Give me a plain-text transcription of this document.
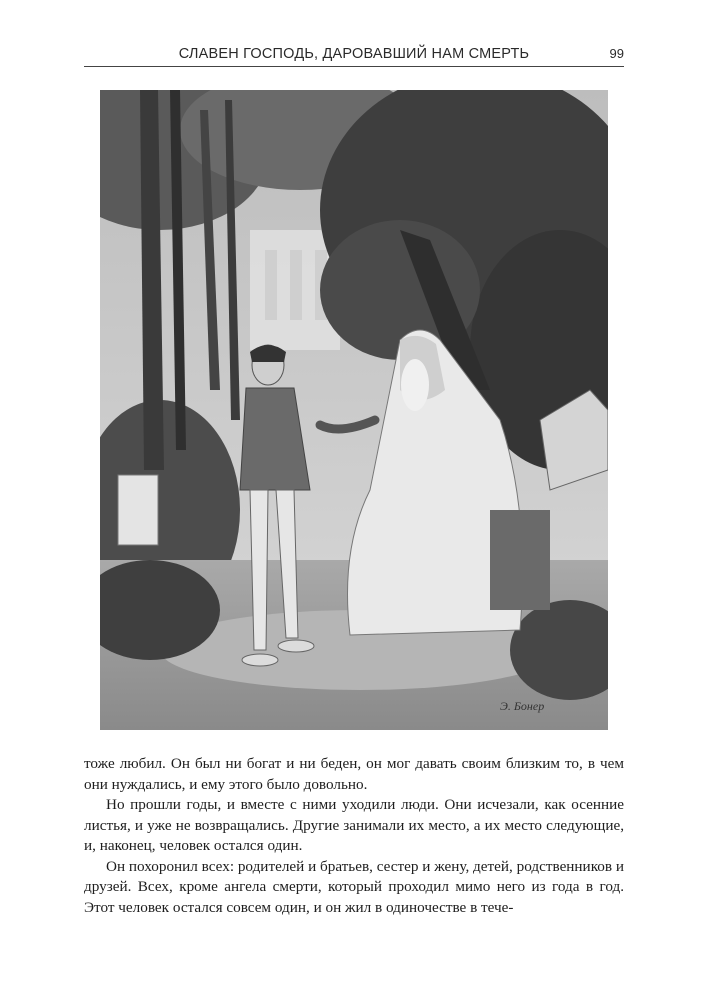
СЛАВЕН ГОСПОДЬ, ДАРОВАВШИЙ НАМ СМЕРТЬ	99
Э. Бонер

тоже любил. Он был ни богат и ни беден, он мог давать своим близким то, в чем они нуждались, и ему этого было довольно.

Но прошли годы, и вместе с ними уходили люди. Они исчезали, как осенние листья, и уже не возвращались. Другие занимали их место, а их место следующие, и, наконец, человек остался один.

Он похоронил всех: родителей и братьев, сестер и жену, детей, родственников и друзей. Всех, кроме ангела смерти, который проходил мимо него из года в год. Этот человек остался совсем один, и он жил в одиночестве в тече-
